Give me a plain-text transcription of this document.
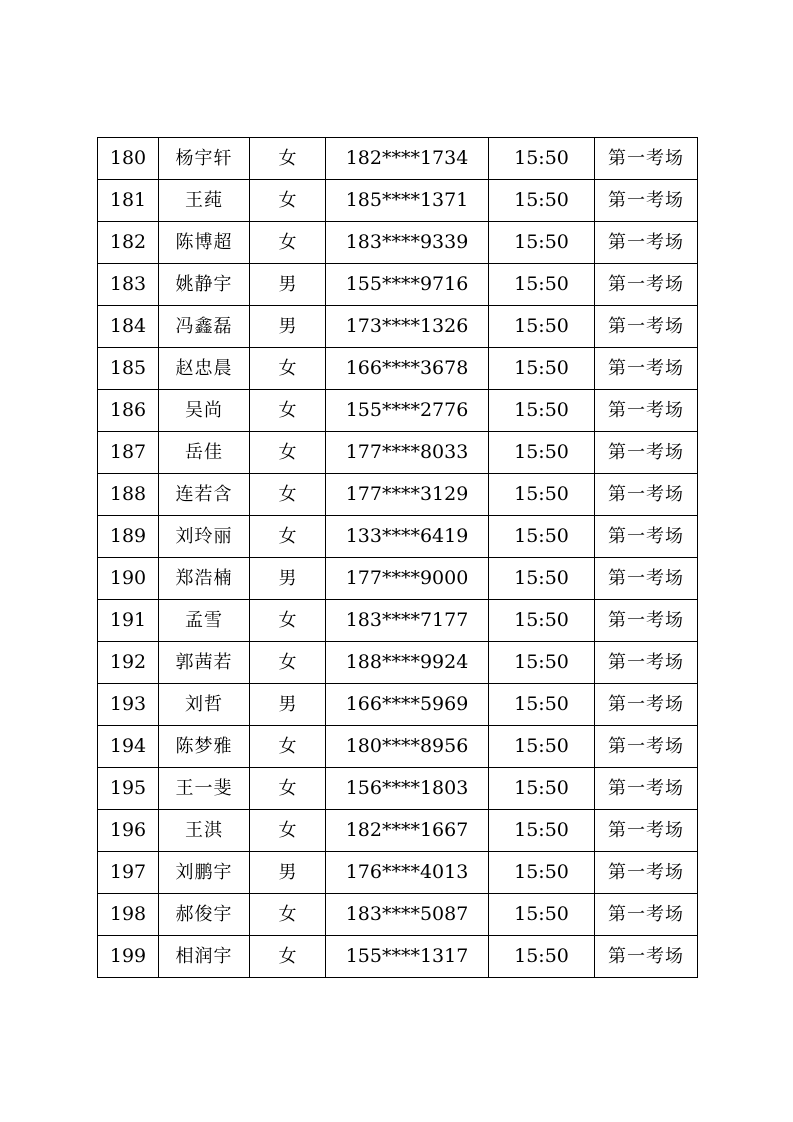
180	杨宇轩	女	182****1734	15:50	第一考场
181	王莼	女	185****1371	15:50	第一考场
182	陈博超	女	183****9339	15:50	第一考场
183	姚静宇	男	155****9716	15:50	第一考场
184	冯鑫磊	男	173****1326	15:50	第一考场
185	赵忠晨	女	166****3678	15:50	第一考场
186	吴尚	女	155****2776	15:50	第一考场
187	岳佳	女	177****8033	15:50	第一考场
188	连若含	女	177****3129	15:50	第一考场
189	刘玲丽	女	133****6419	15:50	第一考场
190	郑浩楠	男	177****9000	15:50	第一考场
191	孟雪	女	183****7177	15:50	第一考场
192	郭茜若	女	188****9924	15:50	第一考场
193	刘哲	男	166****5969	15:50	第一考场
194	陈梦雅	女	180****8956	15:50	第一考场
195	王一斐	女	156****1803	15:50	第一考场
196	王淇	女	182****1667	15:50	第一考场
197	刘鹏宇	男	176****4013	15:50	第一考场
198	郝俊宇	女	183****5087	15:50	第一考场
199	相润宇	女	155****1317	15:50	第一考场
